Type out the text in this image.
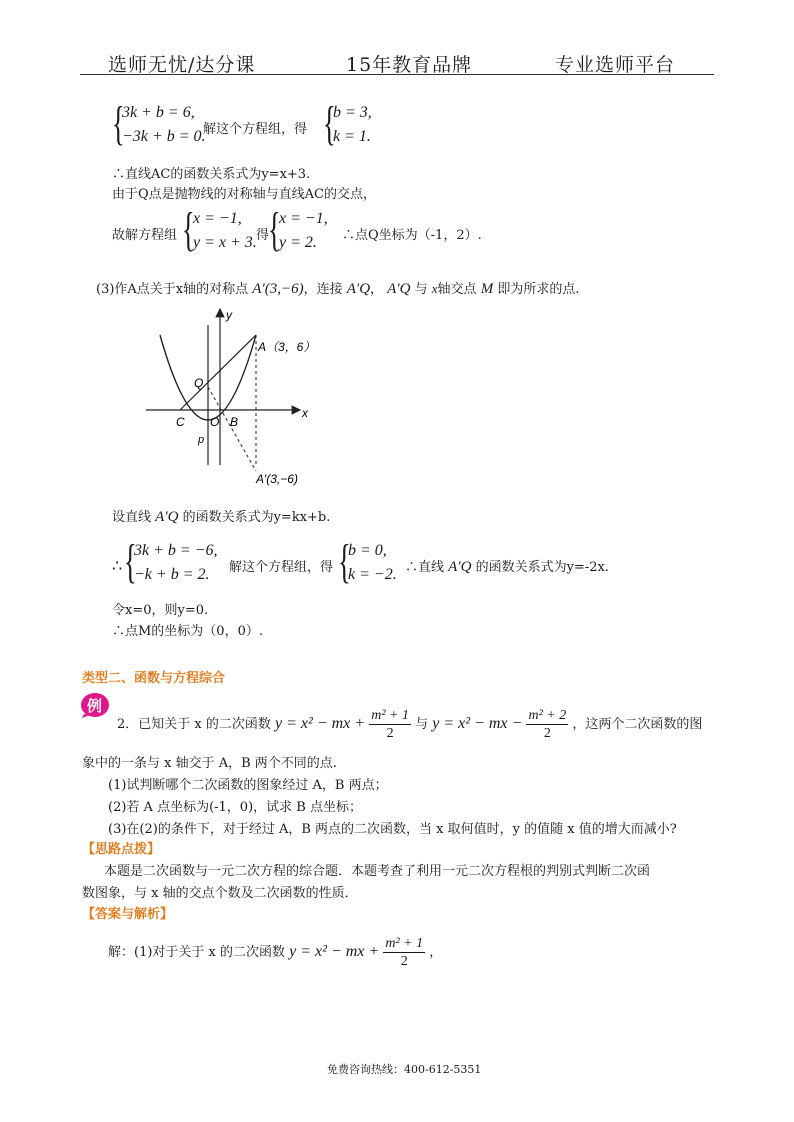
选师无忧/达分课	15年教育品牌	专业选师平台
{
3k + b = 6,
−3k + b = 0.
解这个方程组，得 {
b = 3,
k = 1.
∴直线AC的函数关系式为y=x+3.
由于Q点是抛物线的对称轴与直线AC的交点，
故解方程组 {
x = −1,
y = x + 3. 得
{
x = −1,
y = 2. ∴点Q坐标为（-1，2）.
(3)作A点关于x轴的对称点 A′(3,−6)，连接 A′Q， A′Q 与 x轴交点 M 即为所求的点.
y
x
A（3，6）
Q
C O B
p
A′(3,−6)
设直线 A′Q 的函数关系式为y=kx+b.
∴ {
3k + b = −6,
−k + b = 2. 解这个方程组，得 {
b = 0,
k = −2. ∴直线 A′Q 的函数关系式为y=-2x.
令x=0，则y=0.
∴点M的坐标为（0，0）.
类型二、函数与方程综合
例
2．已知关于 x 的二次函数 y = x² − mx + $\frac{\text{m² + 1}}{2}$ 与 y = x² − mx − $\frac{\text{m² + 2}}{2}$ ，这两个二次函数的图
象中的一条与 x 轴交于 A，B 两个不同的点.
(1)试判断哪个二次函数的图象经过 A，B 两点；
(2)若 A 点坐标为(-1，0)，试求 B 点坐标；
(3)在(2)的条件下，对于经过 A，B 两点的二次函数，当 x 取何值时，y 的值随 x 值的增大而减小?
【思路点拨】
本题是二次函数与一元二次方程的综合题．本题考查了利用一元二次方程根的判别式判断二次函
数图象，与 x 轴的交点个数及二次函数的性质．
【答案与解析】
解：(1)对于关于 x 的二次函数 y = x² − mx + $\frac{\text{m² + 1}}{2}$ ，
免费咨询热线：400-612-5351
